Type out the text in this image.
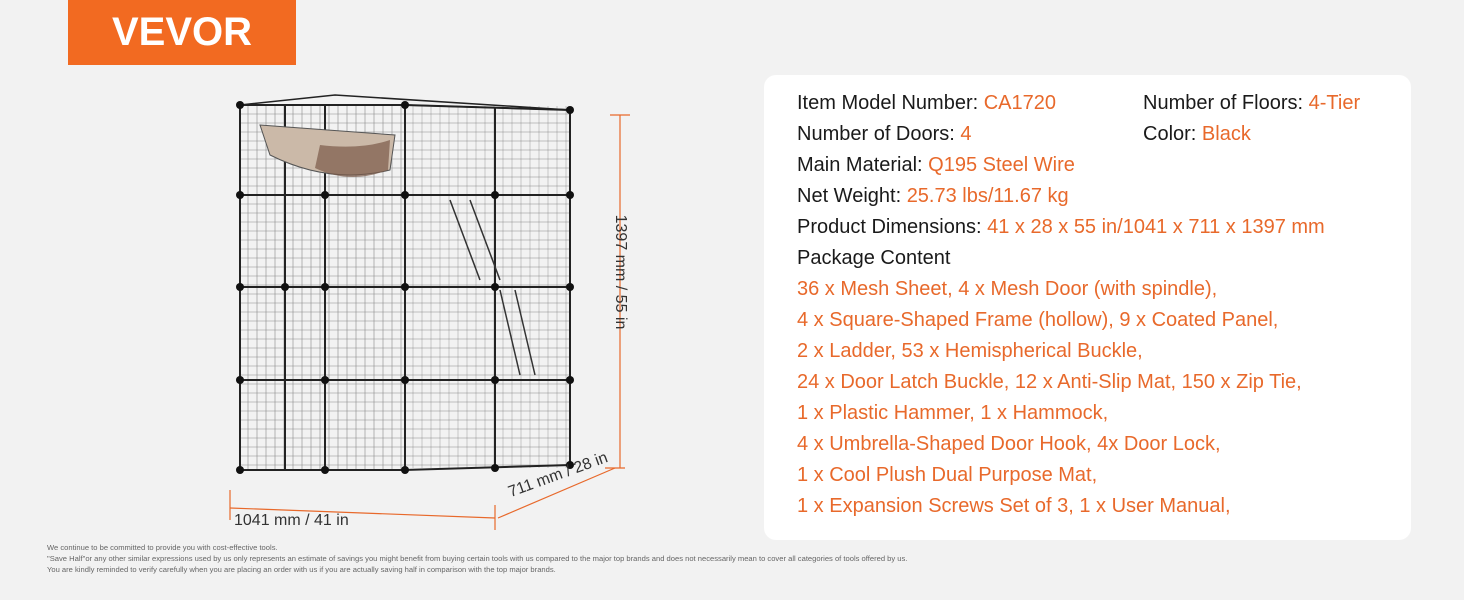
VEVOR
1041 mm / 41 in
711 mm / 28 in
1397 mm / 55 in
Item Model Number: CA1720	Number of Floors: 4-Tier
Number of Doors: 4	Color: Black
Main Material: Q195 Steel Wire
Net Weight: 25.73 lbs/11.67 kg
Product Dimensions: 41 x 28 x 55 in/1041 x 711 x 1397 mm
Package Content
36 x Mesh Sheet, 4 x Mesh Door (with spindle),
4 x Square-Shaped Frame (hollow), 9 x Coated Panel,
2 x Ladder, 53 x Hemispherical Buckle,
24 x Door Latch Buckle, 12 x Anti-Slip Mat, 150 x Zip Tie,
1 x Plastic Hammer, 1 x Hammock,
4 x Umbrella-Shaped Door Hook, 4x Door Lock,
1 x Cool Plush Dual Purpose Mat,
1 x Expansion Screws Set of 3, 1 x User Manual,
We continue to be committed to provide you with cost-effective tools.
"Save Half"or any other similar expressions used by us only represents an estimate of savings you might benefit from buying certain tools with us compared to the major top brands and does not necessarily mean to cover all categories of tools offered by us.
You are kindly reminded to verify carefully when you are placing an order with us if you are actually saving half in comparison with the top major brands.
